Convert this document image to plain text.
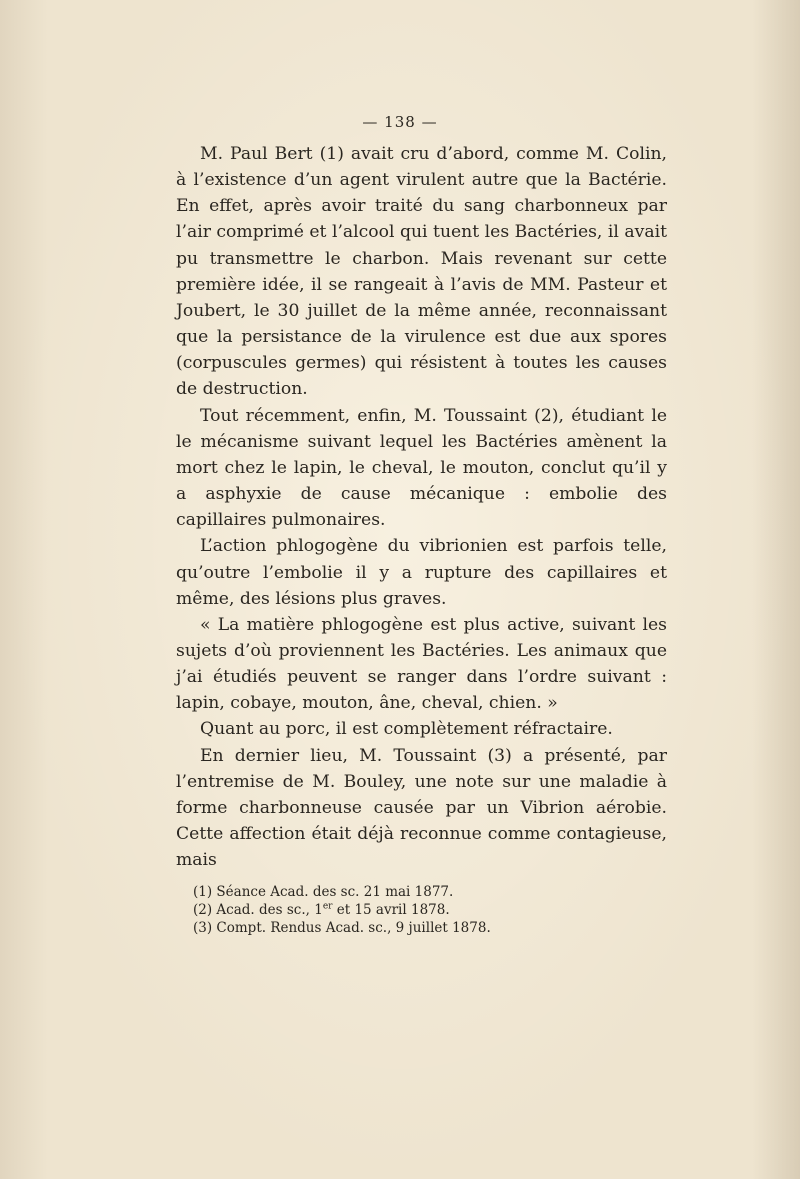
— 138 —

M. Paul Bert (1) avait cru d’abord, comme M. Colin, à l’existence d’un agent virulent autre que la Bactérie. En effet, après avoir traité du sang charbonneux par l’air comprimé et l’alcool qui tuent les Bactéries, il avait pu transmettre le charbon. Mais revenant sur cette première idée, il se rangeait à l’avis de MM. Pasteur et Joubert, le 30 juillet de la même année, reconnaissant que la persistance de la virulence est due aux spores (corpuscules germes) qui résistent à toutes les causes de destruction.

Tout récemment, enfin, M. Toussaint (2), étudiant le le mécanisme suivant lequel les Bactéries amènent la mort chez le lapin, le cheval, le mouton, conclut qu’il y a asphyxie de cause mécanique : embolie des capillaires pulmonaires.

L’action phlogogène du vibrionien est parfois telle, qu’outre l’embolie il y a rupture des capillaires et même, des lésions plus graves.

« La matière phlogogène est plus active, suivant les sujets d’où proviennent les Bactéries. Les animaux que j’ai étudiés peuvent se ranger dans l’ordre suivant : lapin, cobaye, mouton, âne, cheval, chien. »

Quant au porc, il est complètement réfractaire.

En dernier lieu, M. Toussaint (3) a présenté, par l’entremise de M. Bouley, une note sur une maladie à forme charbonneuse causée par un Vibrion aérobie. Cette affection était déjà reconnue comme contagieuse, mais

(1) Séance Acad. des sc. 21 mai 1877.
(2) Acad. des sc., 1er et 15 avril 1878.
(3) Compt. Rendus Acad. sc., 9 juillet 1878.
